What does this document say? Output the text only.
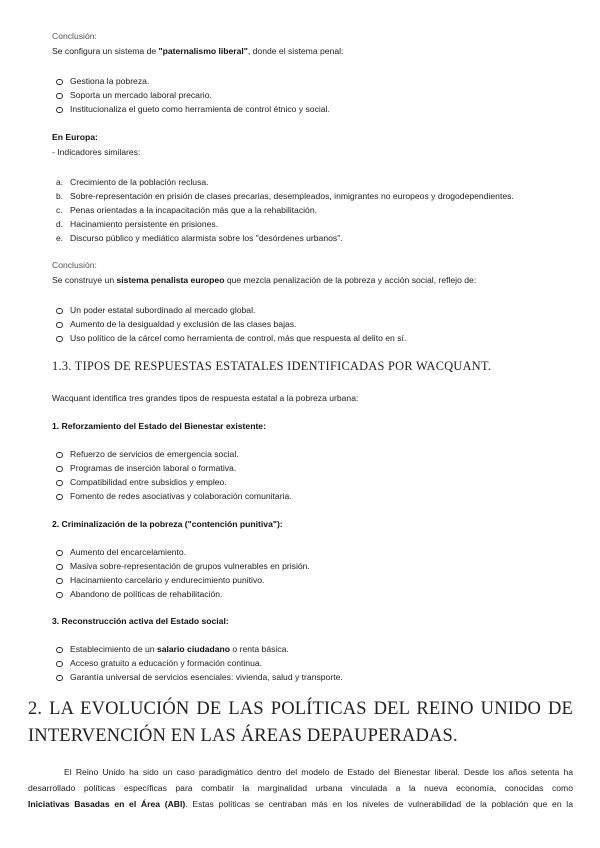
Conclusión:
Se configura un sistema de "paternalismo liberal", donde el sistema penal:
Gestiona la pobreza.
Soporta un mercado laboral precario.
Institucionaliza el gueto como herramienta de control étnico y social.
En Europa:
- Indicadores similares:
a. Crecimiento de la población reclusa.
b. Sobre-representación en prisión de clases precarias, desempleados, inmigrantes no europeos y drogodependientes.
c. Penas orientadas a la incapacitación más que a la rehabilitación.
d. Hacinamiento persistente en prisiones.
e. Discurso público y mediático alarmista sobre los "desórdenes urbanos".
Conclusión:
Se construye un sistema penalista europeo que mezcla penalización de la pobreza y acción social, reflejo de:
Un poder estatal subordinado al mercado global.
Aumento de la desigualdad y exclusión de las clases bajas.
Uso político de la cárcel como herramienta de control, más que respuesta al delito en sí.
1.3. TIPOS DE RESPUESTAS ESTATALES IDENTIFICADAS POR WACQUANT.
Wacquant identifica tres grandes tipos de respuesta estatal a la pobreza urbana:
1. Reforzamiento del Estado del Bienestar existente:
Refuerzo de servicios de emergencia social.
Programas de inserción laboral o formativa.
Compatibilidad entre subsidios y empleo.
Fomento de redes asociativas y colaboración comunitaria.
2. Criminalización de la pobreza ("contención punitiva"):
Aumento del encarcelamiento.
Masiva sobre-representación de grupos vulnerables en prisión.
Hacinamiento carcelario y endurecimiento punitivo.
Abandono de políticas de rehabilitación.
3. Reconstrucción activa del Estado social:
Establecimiento de un salario ciudadano o renta básica.
Acceso gratuito a educación y formación continua.
Garantía universal de servicios esenciales: vivienda, salud y transporte.
2. LA EVOLUCIÓN DE LAS POLÍTICAS DEL REINO UNIDO DE
INTERVENCIÓN EN LAS ÁREAS DEPAUPERADAS.
El Reino Unido ha sido un caso paradigmático dentro del modelo de Estado del Bienestar liberal. Desde los años setenta ha
desarrollado políticas específicas para combatir la marginalidad urbana vinculada a la nueva economía, conocidas como
Iniciativas Basadas en el Área (ABI). Estas políticas se centraban más en los niveles de vulnerabilidad de la población que en la
